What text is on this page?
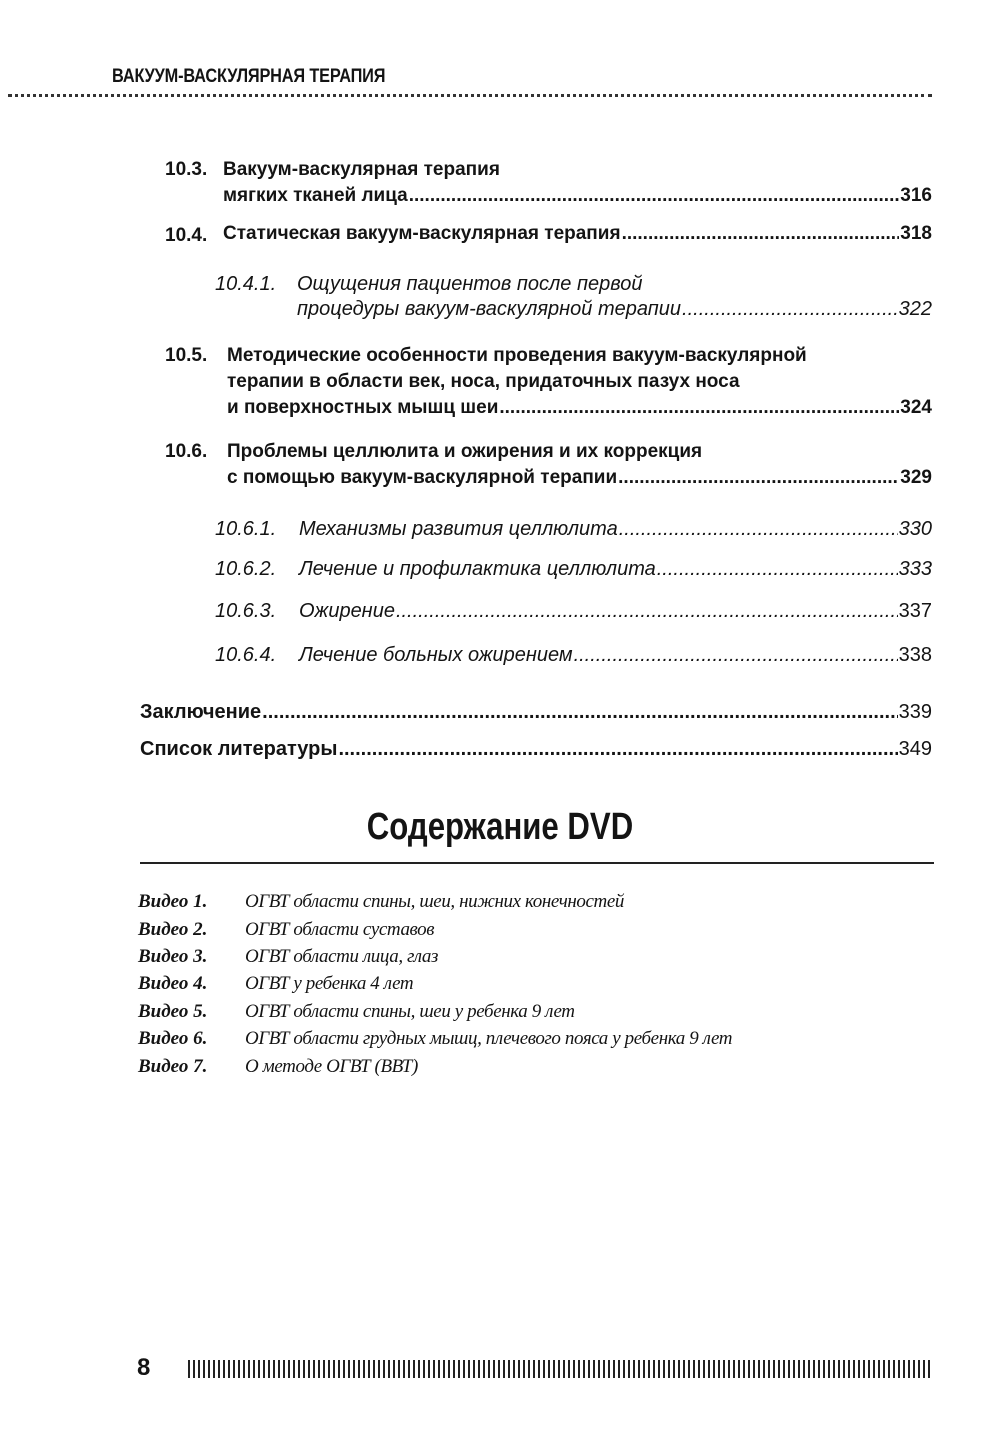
ВАКУУМ-ВАСКУЛЯРНАЯ ТЕРАПИЯ
10.3. Вакуум-васкулярная терапия
мягких тканей лица .....	316
10.4. Статическая вакуум-васкулярная терапия .....	318
10.4.1. Ощущения пациентов после первой
процедуры вакуум-васкулярной терапии .....	322
10.5. Методические особенности проведения вакуум-васкулярной
терапии в области век, носа, придаточных пазух носа
и поверхностных мышц шеи .....	324
10.6. Проблемы целлюлита и ожирения и их коррекция
с помощью вакуум-васкулярной терапии .....	329
10.6.1. Механизмы развития целлюлита .....	330
10.6.2. Лечение и профилактика целлюлита .....	333
10.6.3. Ожирение .....	337
10.6.4. Лечение больных ожирением .....	338
Заключение .....	339
Список литературы .....	349
Содержание DVD
Видео 1. ОГВТ области спины, шеи, нижних конечностей
Видео 2. ОГВТ области суставов
Видео 3. ОГВТ области лица, глаз
Видео 4. ОГВТ у ребенка 4 лет
Видео 5. ОГВТ области спины, шеи у ребенка 9 лет
Видео 6. ОГВТ области грудных мышц, плечевого пояса у ребенка 9 лет
Видео 7. О методе ОГВТ (ВВТ)
8
